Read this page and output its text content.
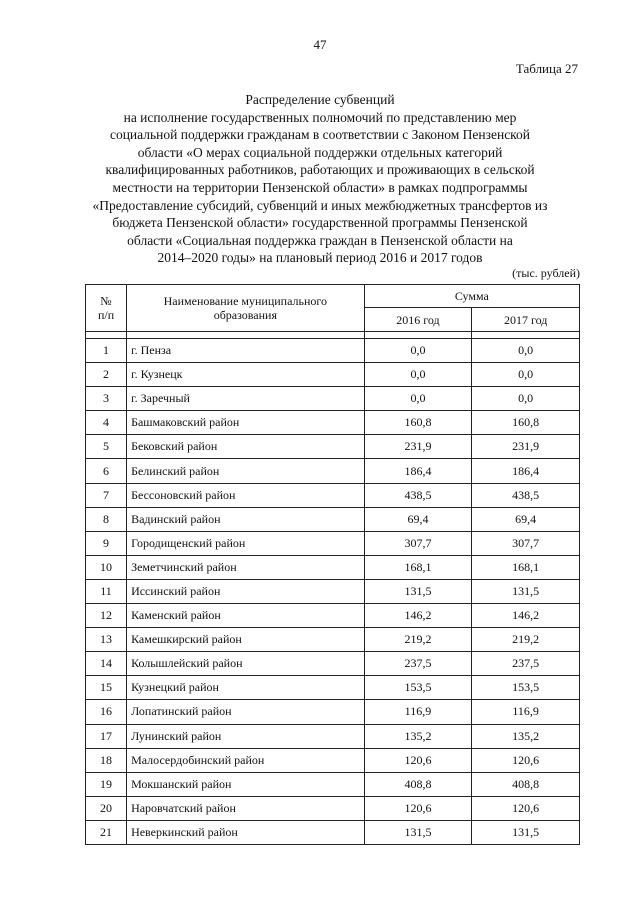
47
Таблица 27
Распределение субвенций
на исполнение государственных полномочий по представлению мер
социальной поддержки гражданам в соответствии с Законом Пензенской
области «О мерах социальной поддержки отдельных категорий
квалифицированных работников, работающих и проживающих в сельской
местности на территории Пензенской области» в рамках подпрограммы
«Предоставление субсидий, субвенций и иных межбюджетных трансфертов из
бюджета Пензенской области» государственной программы Пензенской
области «Социальная поддержка граждан в Пензенской области на
2014–2020 годы» на плановый период 2016 и 2017 годов
(тыс. рублей)
№
п/п	Наименование муниципального образования	Сумма	
		2016 год	2017 год

1	г. Пенза	0,0	0,0
2	г. Кузнецк	0,0	0,0
3	г. Заречный	0,0	0,0
4	Башмаковский район	160,8	160,8
5	Бековский район	231,9	231,9
6	Белинский район	186,4	186,4
7	Бессоновский район	438,5	438,5
8	Вадинский район	69,4	69,4
9	Городищенский район	307,7	307,7
10	Земетчинский район	168,1	168,1
11	Иссинский район	131,5	131,5
12	Каменский район	146,2	146,2
13	Камешкирский район	219,2	219,2
14	Колышлейский район	237,5	237,5
15	Кузнецкий район	153,5	153,5
16	Лопатинский район	116,9	116,9
17	Лунинский район	135,2	135,2
18	Малосердобинский район	120,6	120,6
19	Мокшанский район	408,8	408,8
20	Наровчатский район	120,6	120,6
21	Неверкинский район	131,5	131,5
